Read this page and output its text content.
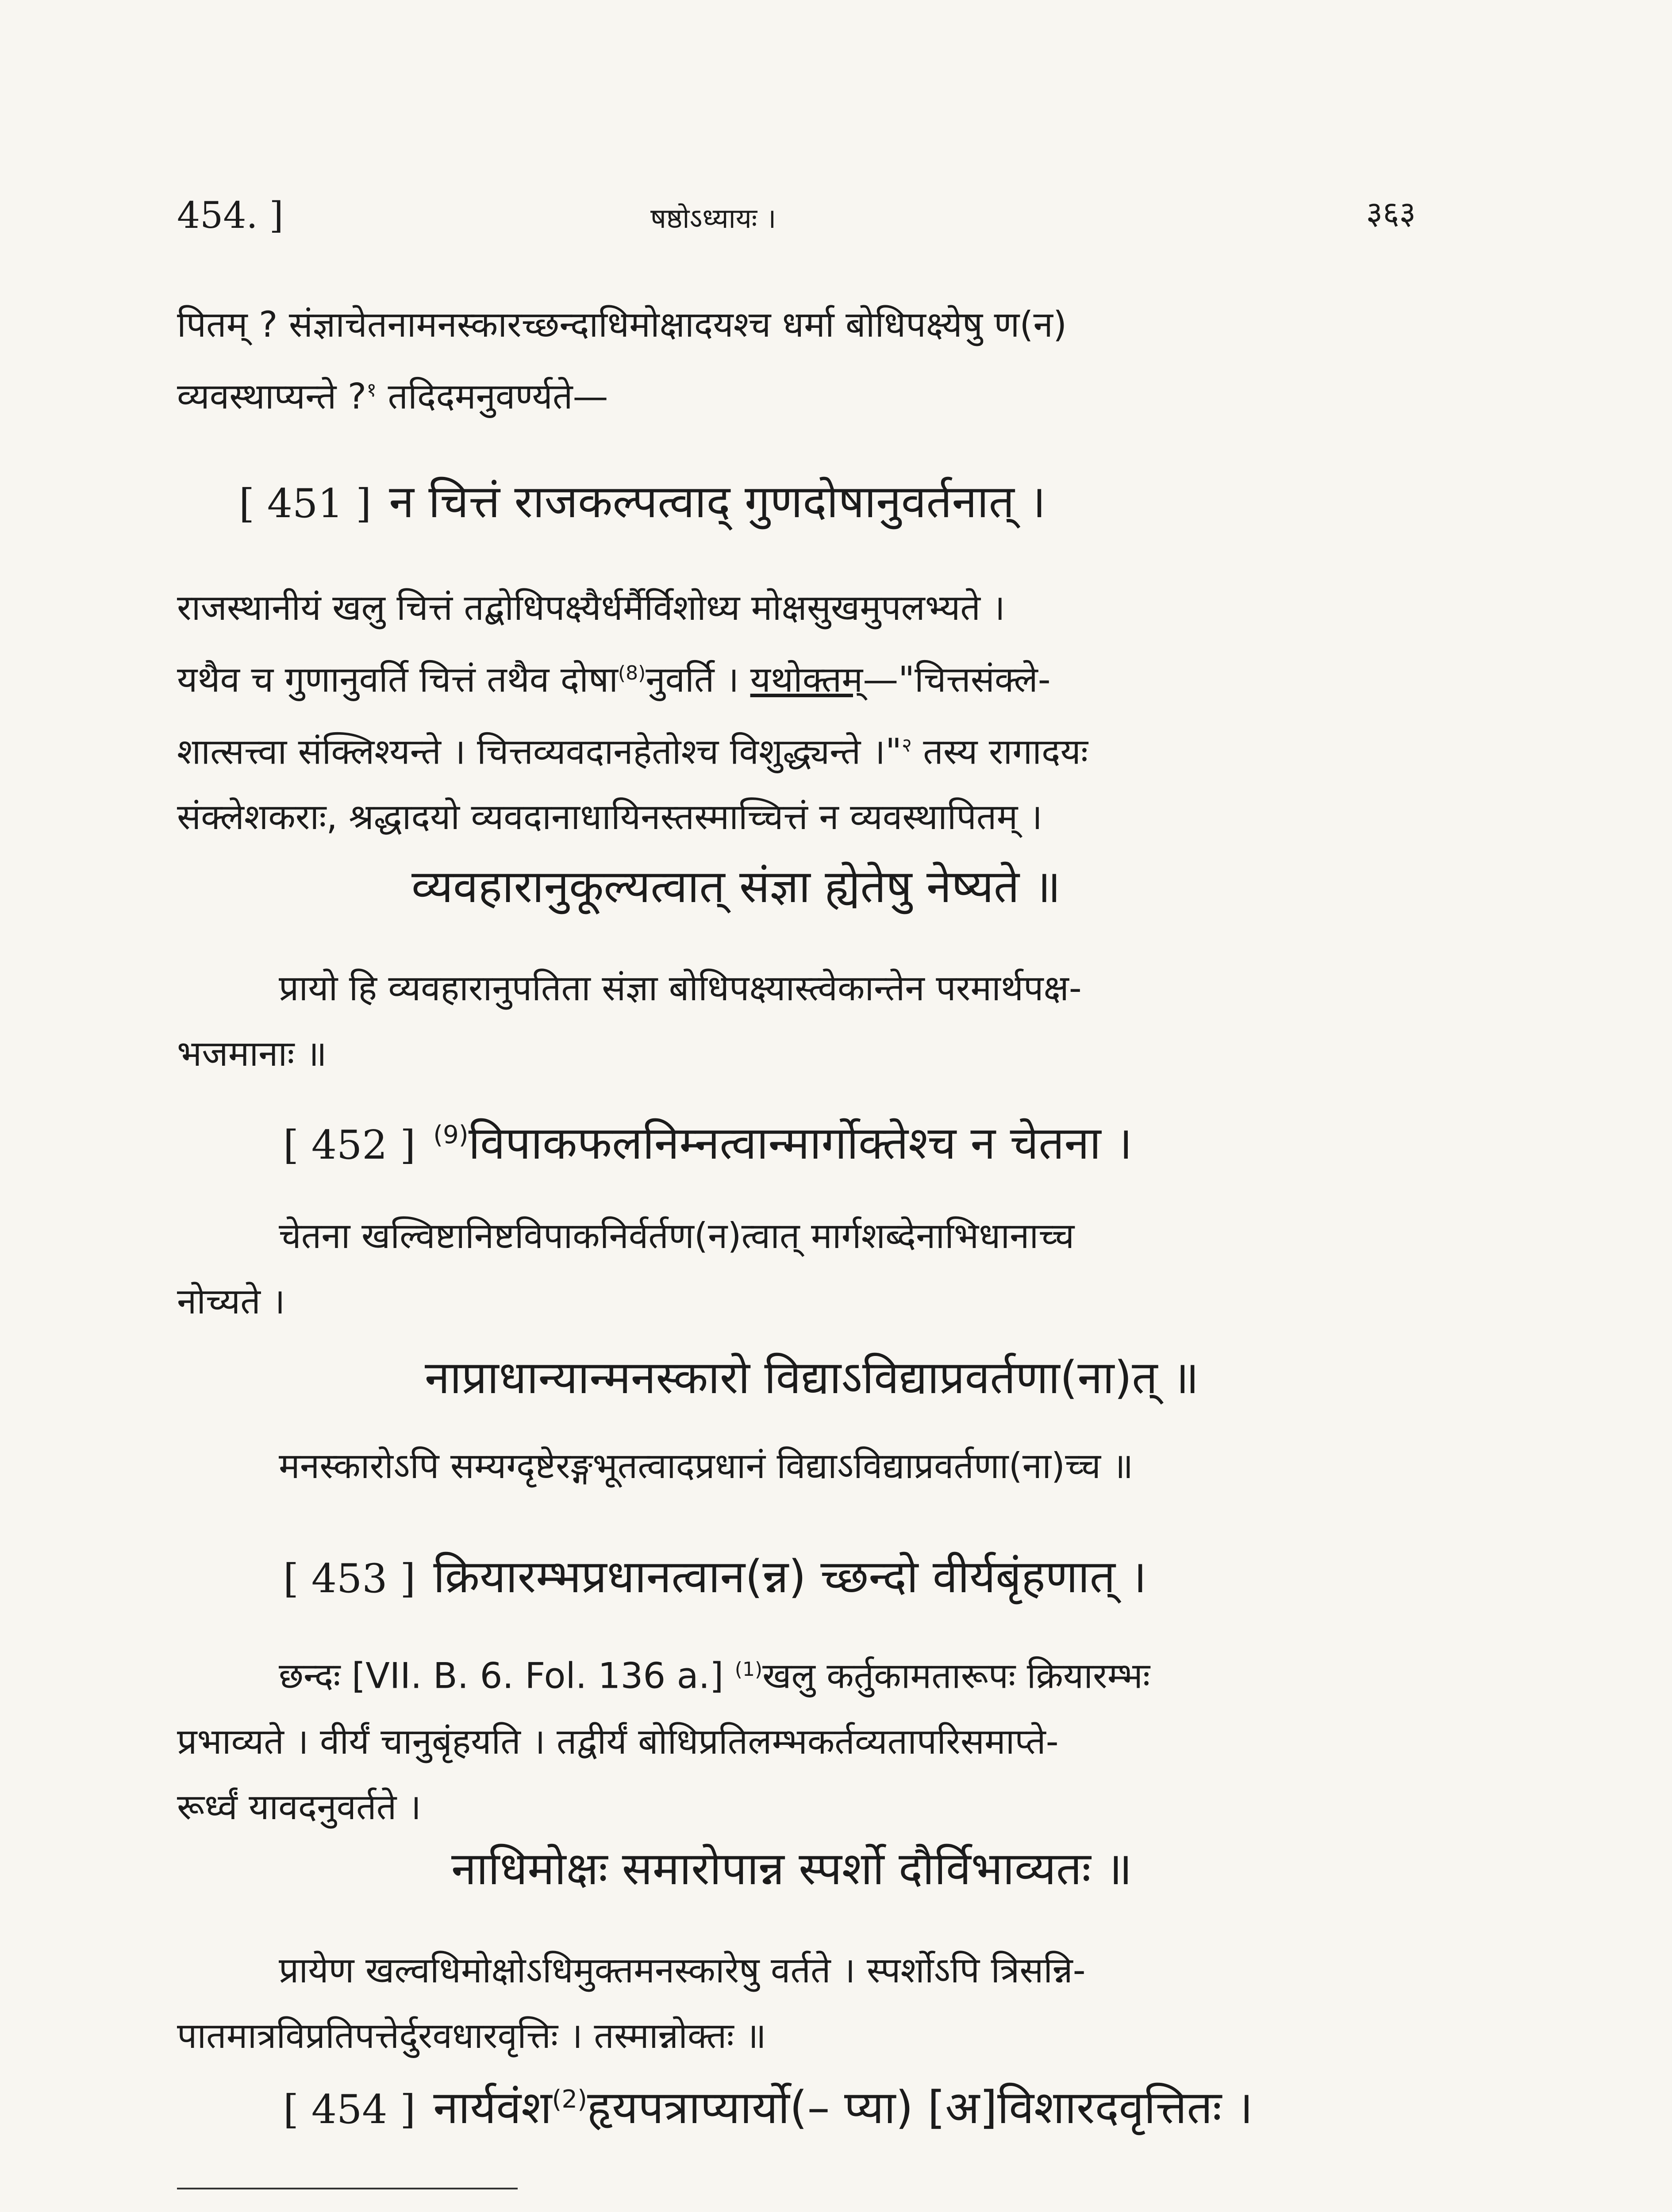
454. ]	षष्ठोऽध्यायः ।	३६३
पितम् ? संज्ञाचेतनामनस्कारच्छन्दाधिमोक्षादयश्च धर्मा बोधिपक्ष्येषु ण(न)
व्यवस्थाप्यन्ते ?$^१$ तदिदमनुवर्ण्यते—
[ 451 ] न चित्तं राजकल्पत्वाद् गुणदोषानुवर्तनात् ।
राजस्थानीयं खलु चित्तं तद्बोधिपक्ष्यैर्धर्मैर्विशोध्य मोक्षसुखमुपलभ्यते ।
यथैव च गुणानुवर्ति चित्तं तथैव दोषा$^{(8)}$नुवर्ति । यथोक्तम्—"चित्तसंक्ले-
शात्सत्त्वा संक्लिश्यन्ते । चित्तव्यवदानहेतोश्च विशुद्ध्यन्ते ।"$^२$ तस्य रागादयः
संक्लेशकराः, श्रद्धादयो व्यवदानाधायिनस्तस्माच्चित्तं न व्यवस्थापितम् ।
व्यवहारानुकूल्यत्वात् संज्ञा ह्येतेषु नेष्यते ॥
प्रायो हि व्यवहारानुपतिता संज्ञा बोधिपक्ष्यास्त्वेकान्तेन परमार्थपक्ष-
भजमानाः ॥
[ 452 ] $^{(9)}$विपाकफलनिम्नत्वान्मार्गोक्तेश्च न चेतना ।
चेतना खल्विष्टानिष्टविपाकनिर्वर्तण(न)त्वात् मार्गशब्देनाभिधानाच्च
नोच्यते ।
नाप्राधान्यान्मनस्कारो विद्याऽविद्याप्रवर्तणा(ना)त् ॥
मनस्कारोऽपि सम्यग्दृष्टेरङ्गभूतत्वादप्रधानं विद्याऽविद्याप्रवर्तणा(ना)च्च ॥
[ 453 ] क्रियारम्भप्रधानत्वान(न्न) च्छन्दो वीर्यबृंहणात् ।
छन्दः [VII. B. 6. Fol. 136 a.] $^{(1)}$खलु कर्तुकामतारूपः क्रियारम्भः
प्रभाव्यते । वीर्यं चानुबृंहयति । तद्वीर्यं बोधिप्रतिलम्भकर्तव्यतापरिसमाप्ते-
रूर्ध्वं यावदनुवर्तते ।
नाधिमोक्षः समारोपान्न स्पर्शो दौर्विभाव्यतः ॥
प्रायेण खल्वधिमोक्षोऽधिमुक्तमनस्कारेषु वर्तते । स्पर्शोऽपि त्रिसन्नि-
पातमात्रविप्रतिपत्तेर्दुरवधारवृत्तिः । तस्मान्नोक्तः ॥
[ 454 ] नार्यवंश$^{(2)}$हृयपत्राप्यार्यो(– प्या) [अ]विशारदवृत्तितः ।
